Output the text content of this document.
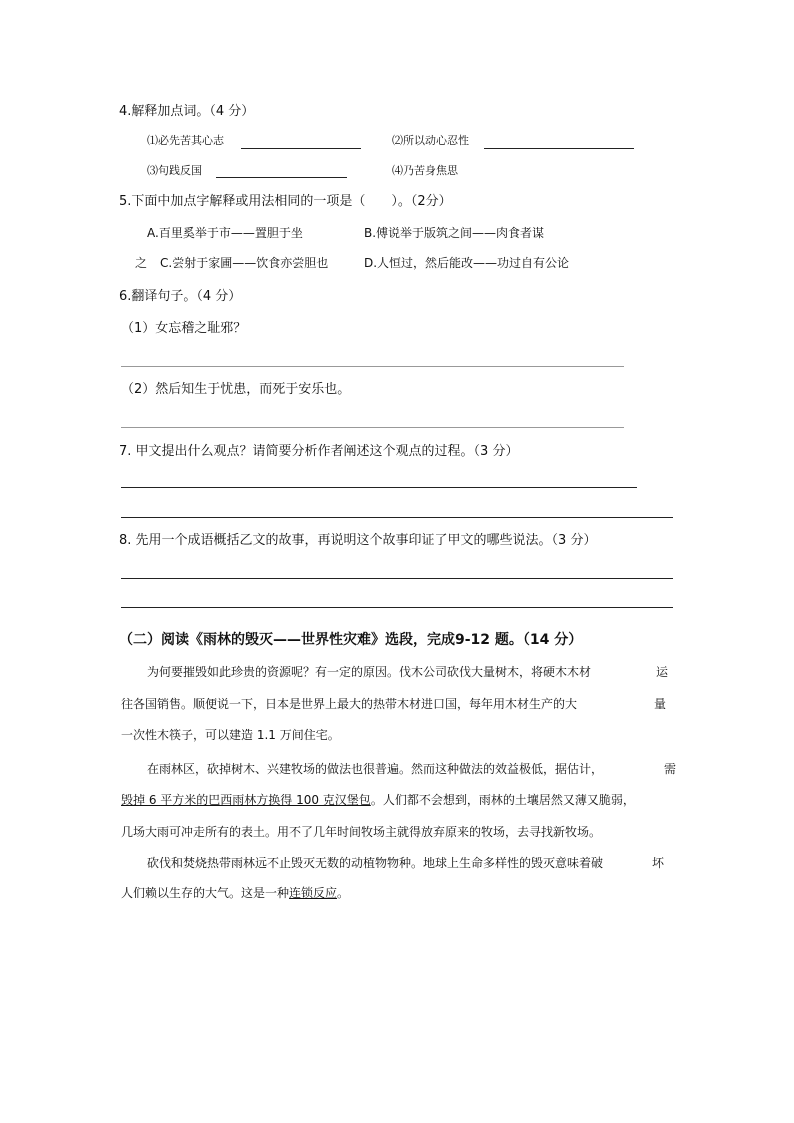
4.解释加点词。（4 分）
⑴必先苦其心志	⑵所以动心忍性
⑶句践反国	⑷乃苦身焦思
5.下面中加点字解释或用法相同的一项是（　　）。（2分）
A.百里奚举于市——置胆于坐	B.傅说举于版筑之间——肉食者谋
之 C.尝射于家圃——饮食亦尝胆也	D.人恒过，然后能改——功过自有公论
6.翻译句子。（4 分）
（1）女忘稽之耻邪？
（2）然后知生于忧患，而死于安乐也。
7. 甲文提出什么观点？请简要分析作者阐述这个观点的过程。（3 分）
8. 先用一个成语概括乙文的故事，再说明这个故事印证了甲文的哪些说法。（3 分）
（二）阅读《雨林的毁灭——世界性灾难》选段，完成9-12 题。（14 分）
为何要摧毁如此珍贵的资源呢？有一定的原因。伐木公司砍伐大量树木，将硬木木材	运
往各国销售。顺便说一下，日本是世界上最大的热带木材进口国，每年用木材生产的大	量
一次性木筷子，可以建造 1.1 万间住宅。
在雨林区，砍掉树木、兴建牧场的做法也很普遍。然而这种做法的效益极低，据估计，	需
毁掉 6 平方米的巴西雨林方换得 100 克汉堡包。人们都不会想到，雨林的土壤居然又薄又脆弱，
几场大雨可冲走所有的表土。用不了几年时间牧场主就得放弃原来的牧场，去寻找新牧场。
砍伐和焚烧热带雨林远不止毁灭无数的动植物物种。地球上生命多样性的毁灭意味着破	坏
人们赖以生存的大气。这是一种连锁反应。
